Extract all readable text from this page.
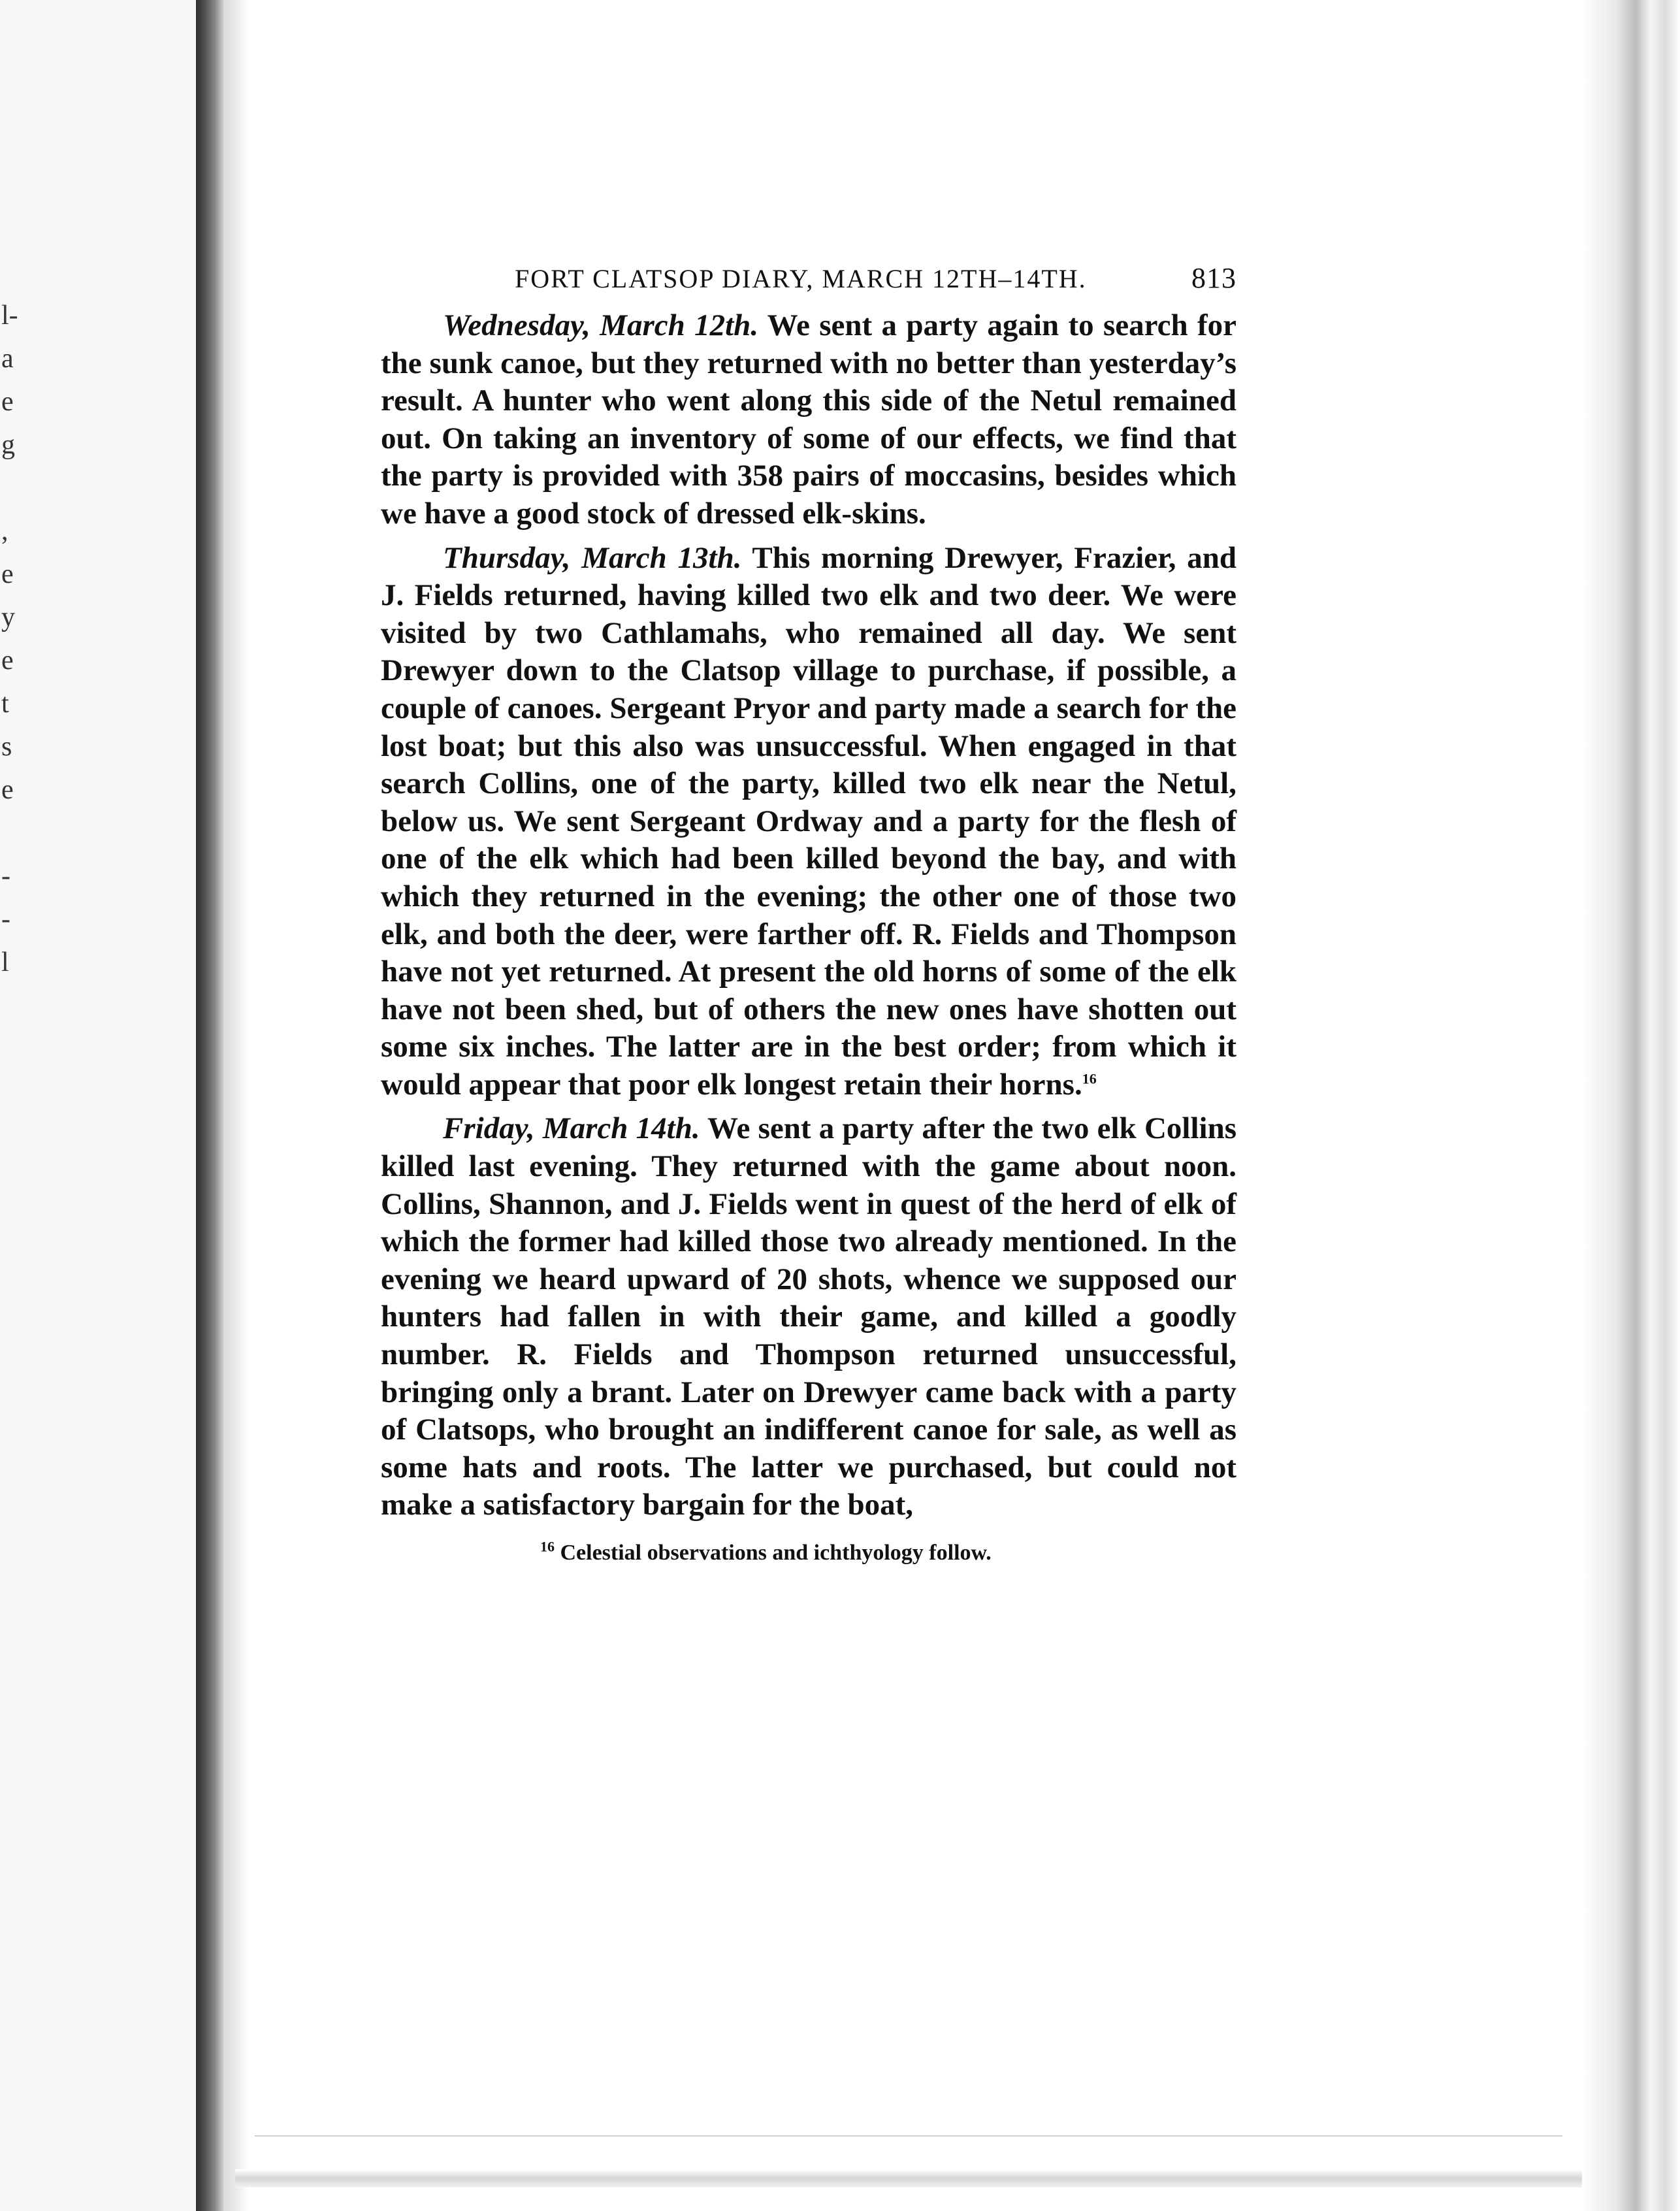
l-
a
e
g
,
e
y
e
t
s
e
-
-
l
FORT CLATSOP DIARY, MARCH 12TH–14TH.	813

Wednesday, March 12th. We sent a party again to search for the sunk canoe, but they returned with no better than yesterday’s result. A hunter who went along this side of the Netul remained out. On taking an inventory of some of our effects, we find that the party is provided with 358 pairs of moccasins, besides which we have a good stock of dressed elk-skins.

Thursday, March 13th. This morning Drewyer, Frazier, and J. Fields returned, having killed two elk and two deer. We were visited by two Cathlamahs, who remained all day. We sent Drewyer down to the Clatsop village to purchase, if possible, a couple of canoes. Sergeant Pryor and party made a search for the lost boat; but this also was unsuccessful. When engaged in that search Collins, one of the party, killed two elk near the Netul, below us. We sent Sergeant Ordway and a party for the flesh of one of the elk which had been killed beyond the bay, and with which they returned in the evening; the other one of those two elk, and both the deer, were farther off. R. Fields and Thompson have not yet returned. At present the old horns of some of the elk have not been shed, but of others the new ones have shotten out some six inches. The latter are in the best order; from which it would appear that poor elk longest retain their horns.$^{16}$

Friday, March 14th. We sent a party after the two elk Collins killed last evening. They returned with the game about noon. Collins, Shannon, and J. Fields went in quest of the herd of elk of which the former had killed those two already mentioned. In the evening we heard upward of 20 shots, whence we supposed our hunters had fallen in with their game, and killed a goodly number. R. Fields and Thompson returned unsuccessful, bringing only a brant. Later on Drewyer came back with a party of Clatsops, who brought an indifferent canoe for sale, as well as some hats and roots. The latter we purchased, but could not make a satisfactory bargain for the boat,

$^{16}$ Celestial observations and ichthyology follow.
